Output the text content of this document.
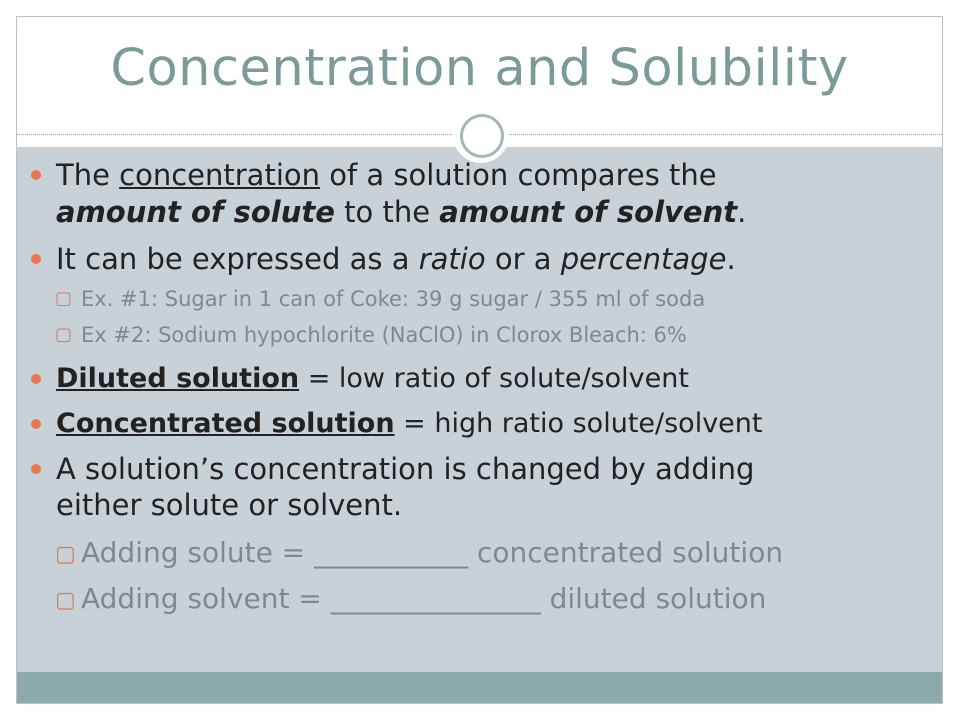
Concentration and Solubility
The concentration of a solution compares the
amount of solute to the amount of solvent.
It can be expressed as a ratio or a percentage.
▢ Ex. #1: Sugar in 1 can of Coke: 39 g sugar / 355 ml of soda
▢ Ex #2: Sodium hypochlorite (NaClO) in Clorox Bleach: 6%
Diluted solution = low ratio of solute/solvent
Concentrated solution = high ratio solute/solvent
A solution’s concentration is changed by adding
either solute or solvent.
▢ Adding solute = ___________ concentrated solution
▢ Adding solvent = _______________ diluted solution
